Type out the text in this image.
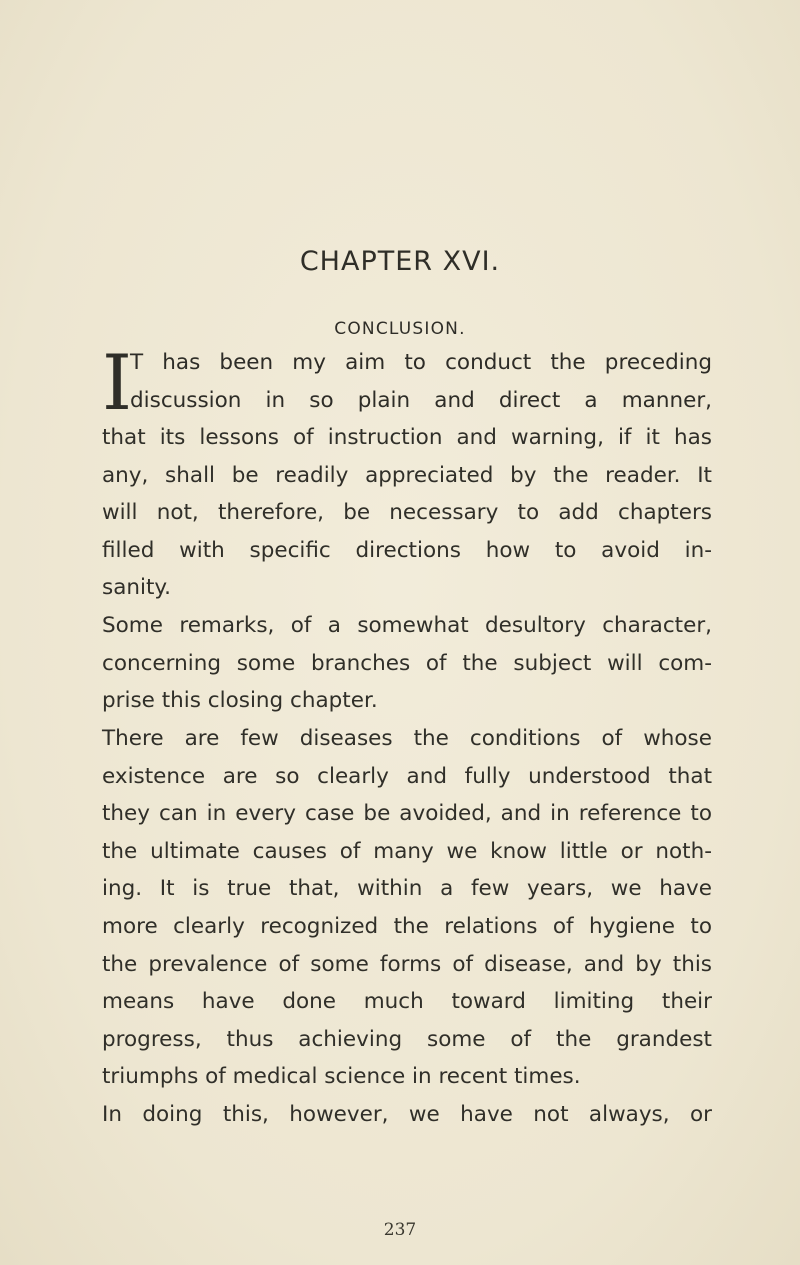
CHAPTER XVI.
CONCLUSION.
I
T has been my aim to conduct the preceding
discussion in so plain and direct a manner,
that its lessons of instruction and warning, if it has
any, shall be readily appreciated by the reader. It
will not, therefore, be necessary to add chapters
filled with specific directions how to avoid in-
sanity.
Some remarks, of a somewhat desultory character,
concerning some branches of the subject will com-
prise this closing chapter.
There are few diseases the conditions of whose
existence are so clearly and fully understood that
they can in every case be avoided, and in reference to
the ultimate causes of many we know little or noth-
ing. It is true that, within a few years, we have
more clearly recognized the relations of hygiene to
the prevalence of some forms of disease, and by this
means have done much toward limiting their
progress, thus achieving some of the grandest
triumphs of medical science in recent times.
In doing this, however, we have not always, or
237
